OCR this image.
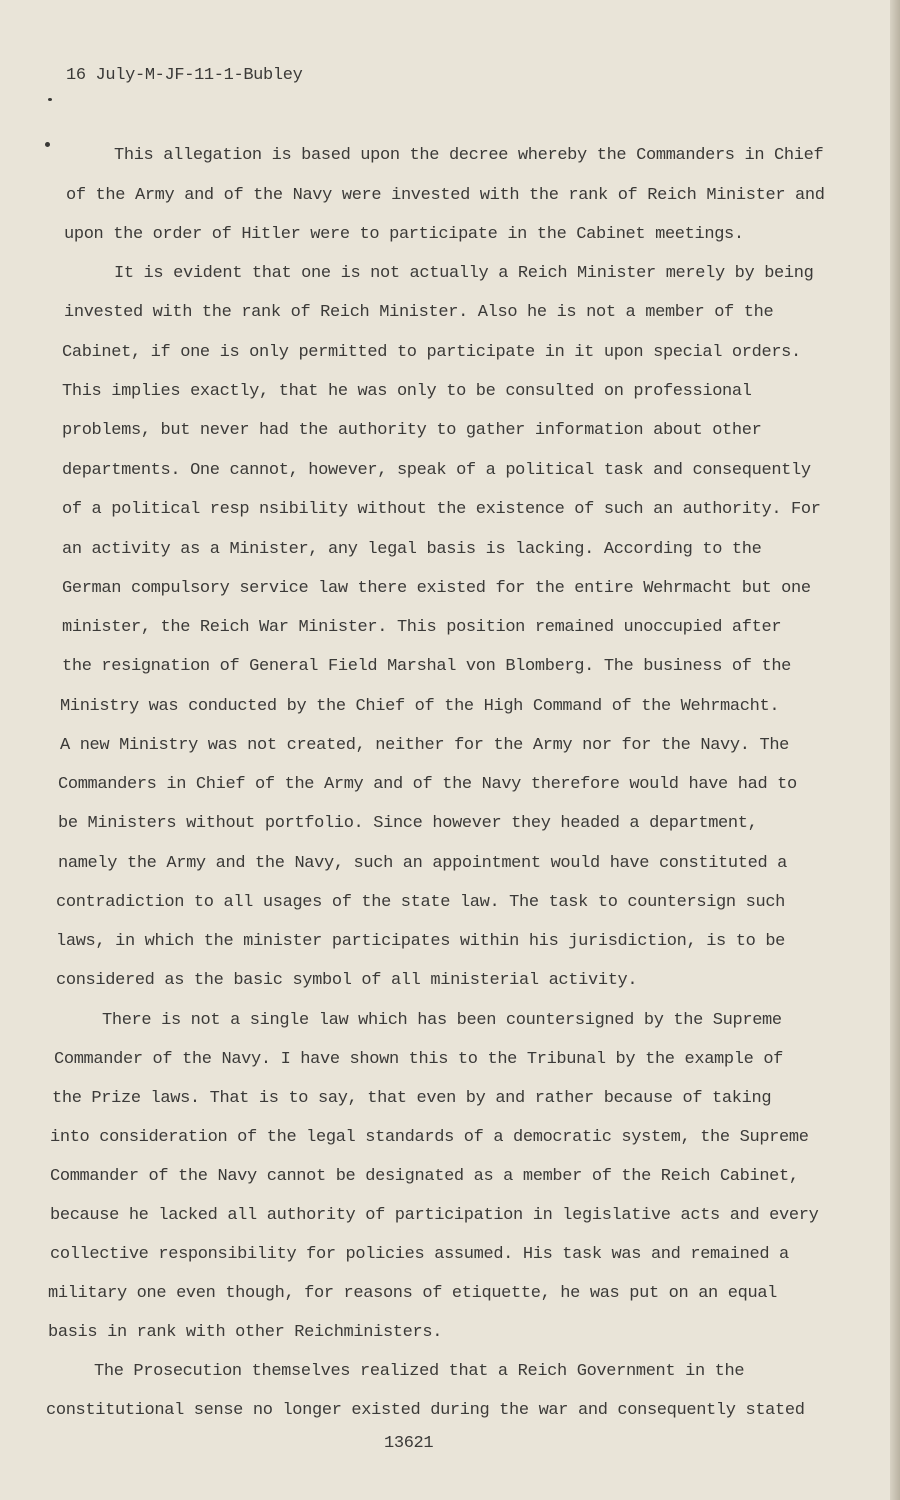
16 July-M-JF-11-1-Bubley
This allegation is based upon the decree whereby the Commanders in Chief
of the Army and of the Navy were invested with the rank of Reich Minister and
upon the order of Hitler were to participate in the Cabinet meetings.
It is evident that one is not actually a Reich Minister merely by being
invested with the rank of Reich Minister. Also he is not a member of the
Cabinet, if one is only permitted to participate in it upon special orders.
This implies exactly, that he was only to be consulted on professional
problems, but never had the authority to gather information about other
departments. One cannot, however, speak of a political task and consequently
of a political resp nsibility without the existence of such an authority. For
an activity as a Minister, any legal basis is lacking. According to the
German compulsory service law there existed for the entire Wehrmacht but one
minister, the Reich War Minister. This position remained unoccupied after
the resignation of General Field Marshal von Blomberg. The business of the
Ministry was conducted by the Chief of the High Command of the Wehrmacht.
A new Ministry was not created, neither for the Army nor for the Navy. The
Commanders in Chief of the Army and of the Navy therefore would have had to
be Ministers without portfolio. Since however they headed a department,
namely the Army and the Navy, such an appointment would have constituted a
contradiction to all usages of the state law. The task to countersign such
laws, in which the minister participates within his jurisdiction, is to be
considered as the basic symbol of all ministerial activity.
There is not a single law which has been countersigned by the Supreme
Commander of the Navy. I have shown this to the Tribunal by the example of
the Prize laws. That is to say, that even by and rather because of taking
into consideration of the legal standards of a democratic system, the Supreme
Commander of the Navy cannot be designated as a member of the Reich Cabinet,
because he lacked all authority of participation in legislative acts and every
collective responsibility for policies assumed. His task was and remained a
military one even though, for reasons of etiquette, he was put on an equal
basis in rank with other Reichministers.
The Prosecution themselves realized that a Reich Government in the
constitutional sense no longer existed during the war and consequently stated
13621
